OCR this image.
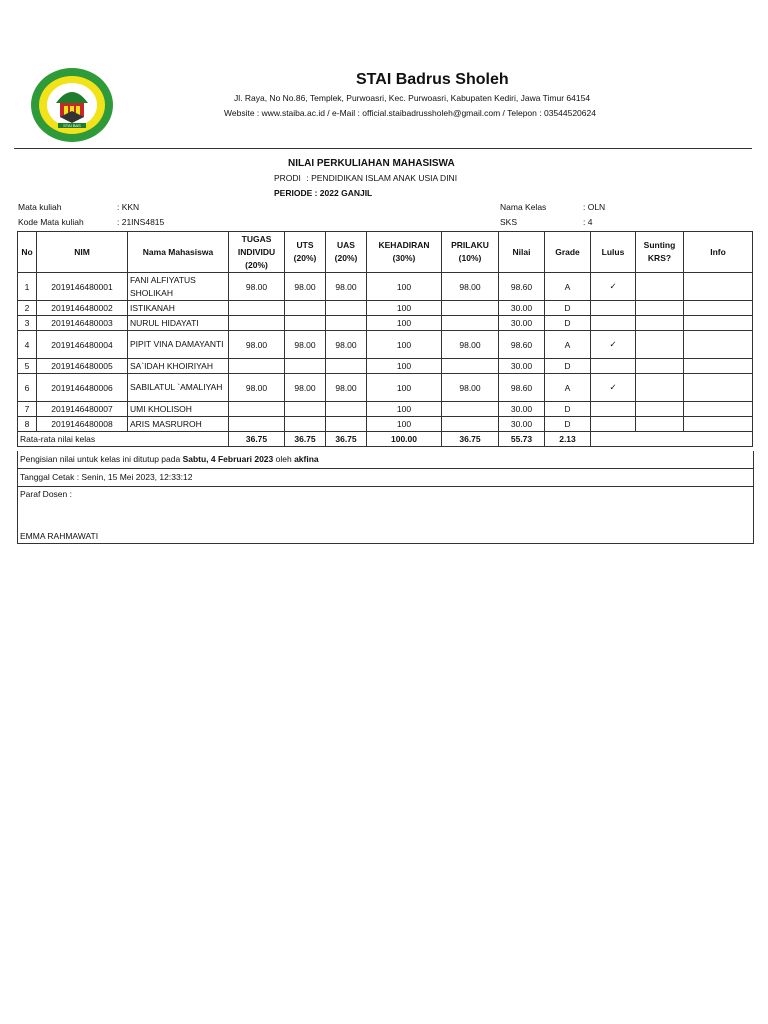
STAI BAS
STAI Badrus Sholeh
Jl. Raya, No No.86, Templek, Purwoasri, Kec. Purwoasri, Kabupaten Kediri, Jawa Timur 64154
Website : www.staiba.ac.id / e-Mail : official.staibadrussholeh@gmail.com / Telepon : 03544520624
NILAI PERKULIAHAN MAHASISWA
PRODI : PENDIDIKAN ISLAM ANAK USIA DINI
PERIODE : 2022 GANJIL
Mata kuliah	: KKN
Kode Mata kuliah	: 21INS4815
Nama Kelas	: OLN
SKS	: 4
No	NIM	Nama Mahasiswa	TUGAS INDIVIDU (20%)	UTS (20%)	UAS (20%)	KEHADIRAN (30%)	PRILAKU (10%)	Nilai	Grade	Lulus	Sunting KRS?	Info
1	2019146480001	FANI ALFIYATUS SHOLIKAH	98.00	98.00	98.00	100	98.00	98.60	A	✓		
2	2019146480002	ISTIKANAH				100		30.00	D			
3	2019146480003	NURUL HIDAYATI				100		30.00	D			
4	2019146480004	PIPIT VINA DAMAYANTI	98.00	98.00	98.00	100	98.00	98.60	A	✓		
5	2019146480005	SA`IDAH KHOIRIYAH				100		30.00	D			
6	2019146480006	SABILATUL `AMALIYAH	98.00	98.00	98.00	100	98.00	98.60	A	✓		
7	2019146480007	UMI KHOLISOH				100		30.00	D			
8	2019146480008	ARIS MASRUROH				100		30.00	D			
Rata-rata nilai kelas			36.75	36.75	36.75	100.00	36.75	55.73	2.13			
Pengisian nilai untuk kelas ini ditutup pada Sabtu, 4 Februari 2023 oleh akfina
Tanggal Cetak : Senin, 15 Mei 2023, 12:33:12
Paraf Dosen :
EMMA RAHMAWATI
